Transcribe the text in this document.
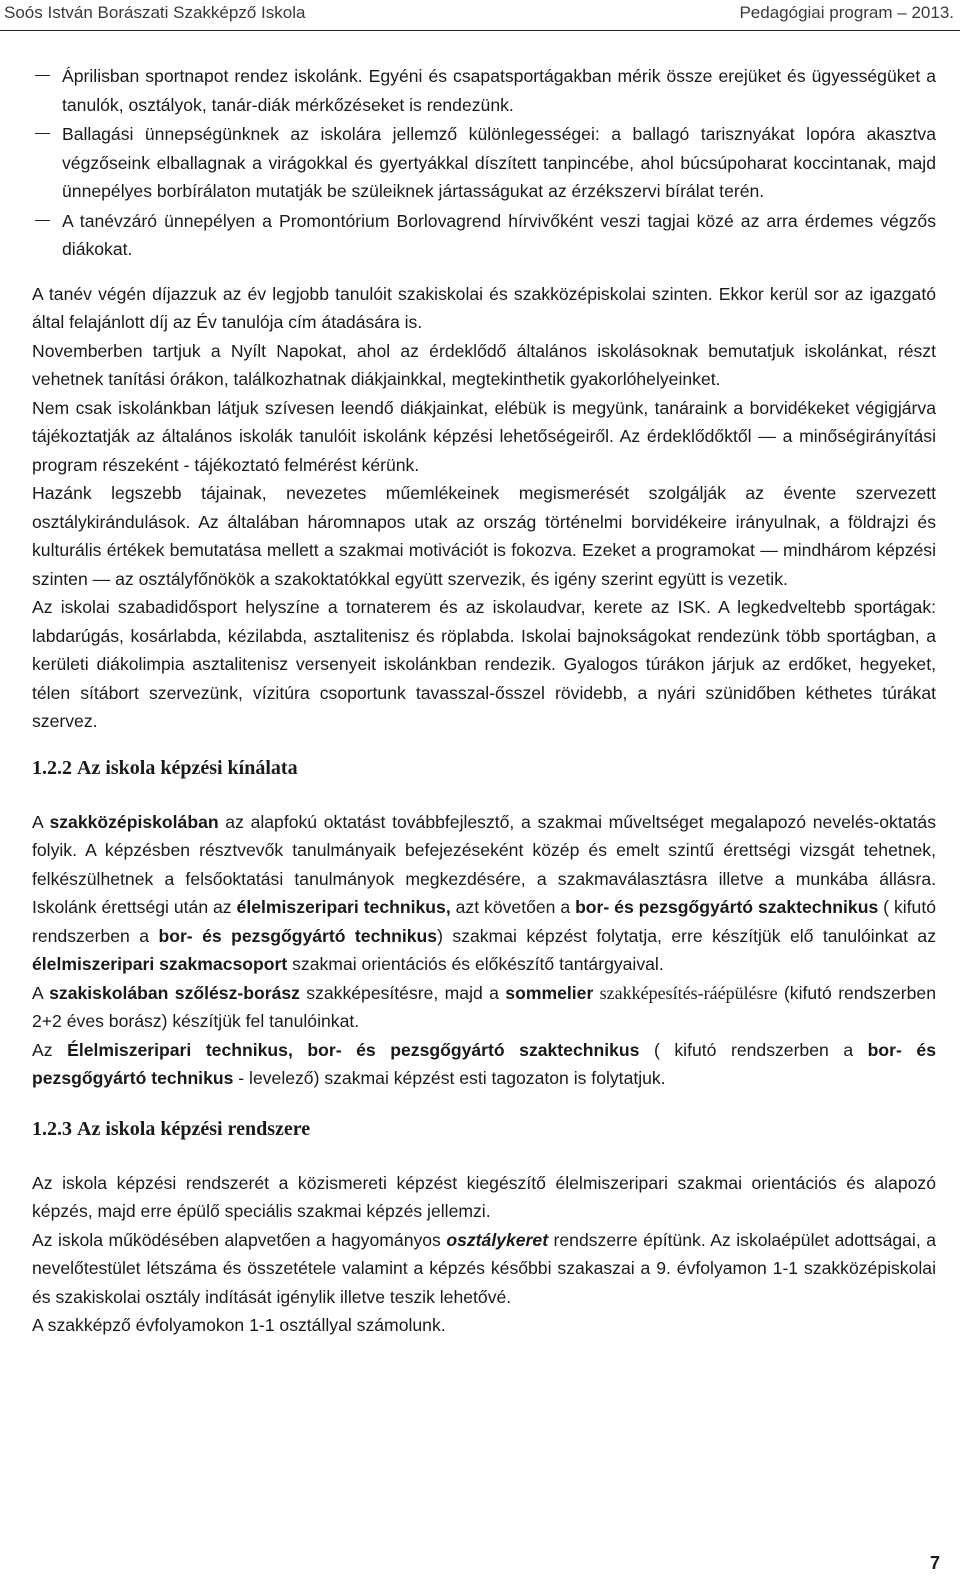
Soós István Borászati Szakképző Iskola	Pedagógiai program – 2013.

Áprilisban sportnapot rendez iskolánk. Egyéni és csapatsportágakban mérik össze erejüket és ügyességüket a tanulók, osztályok, tanár-diák mérkőzéseket is rendezünk.

Ballagási ünnepségünknek az iskolára jellemző különlegességei: a ballagó tarisznyákat lopóra akasztva végzőseink elballagnak a virágokkal és gyertyákkal díszített tanpincébe, ahol búcsúpoharat koccintanak, majd ünnepélyes borbírálaton mutatják be szüleiknek jártasságukat az érzékszervi bírálat terén.

A tanévzáró ünnepélyen a Promontórium Borlovagrend hírvivőként veszi tagjai közé az arra érdemes végzős diákokat.

A tanév végén díjazzuk az év legjobb tanulóit szakiskolai és szakközépiskolai szinten. Ekkor kerül sor az igazgató által felajánlott díj az Év tanulója cím átadására is.

Novemberben tartjuk a Nyílt Napokat, ahol az érdeklődő általános iskolásoknak bemutatjuk iskolánkat, részt vehetnek tanítási órákon, találkozhatnak diákjainkkal, megtekinthetik gyakorlóhelyeinket.

Nem csak iskolánkban látjuk szívesen leendő diákjainkat, elébük is megyünk, tanáraink a borvidékeket végigjárva tájékoztatják az általános iskolák tanulóit iskolánk képzési lehetőségeiről. Az érdeklődőktől — a minőségirányítási program részeként - tájékoztató felmérést kérünk.

Hazánk legszebb tájainak, nevezetes műemlékeinek megismerését szolgálják az évente szervezett osztálykirándulások. Az általában háromnapos utak az ország történelmi borvidékeire irányulnak, a földrajzi és kulturális értékek bemutatása mellett a szakmai motivációt is fokozva. Ezeket a programokat — mindhárom képzési szinten — az osztályfőnökök a szakoktatókkal együtt szervezik, és igény szerint együtt is vezetik.

Az iskolai szabadidősport helyszíne a tornaterem és az iskolaudvar, kerete az ISK. A legkedveltebb sportágak: labdarúgás, kosárlabda, kézilabda, asztalitenisz és röplabda. Iskolai bajnokságokat rendezünk több sportágban, a kerületi diákolimpia asztalitenisz versenyeit iskolánkban rendezik. Gyalogos túrákon járjuk az erdőket, hegyeket, télen sítábort szervezünk, vízitúra csoportunk tavasszal-ősszel rövidebb, a nyári szünidőben kéthetes túrákat szervez.

1.2.2 Az iskola képzési kínálata

A szakközépiskolában az alapfokú oktatást továbbfejlesztő, a szakmai műveltséget megalapozó nevelés-oktatás folyik. A képzésben résztvevők tanulmányaik befejezéseként közép és emelt szintű érettségi vizsgát tehetnek, felkészülhetnek a felsőoktatási tanulmányok megkezdésére, a szakmaválasztásra illetve a munkába állásra. Iskolánk érettségi után az élelmiszeripari technikus, azt követően a bor- és pezsgőgyártó szaktechnikus ( kifutó rendszerben a bor- és pezsgőgyártó technikus) szakmai képzést folytatja, erre készítjük elő tanulóinkat az élelmiszeripari szakmacsoport szakmai orientációs és előkészítő tantárgyaival.

A szakiskolában szőlész-borász szakképesítésre, majd a sommelier szakképesítés-ráépülésre (kifutó rendszerben 2+2 éves borász) készítjük fel tanulóinkat.

Az Élelmiszeripari technikus, bor- és pezsgőgyártó szaktechnikus ( kifutó rendszerben a bor- és pezsgőgyártó technikus - levelező) szakmai képzést esti tagozaton is folytatjuk.

1.2.3 Az iskola képzési rendszere

Az iskola képzési rendszerét a közismereti képzést kiegészítő élelmiszeripari szakmai orientációs és alapozó képzés, majd erre épülő speciális szakmai képzés jellemzi.

Az iskola működésében alapvetően a hagyományos osztálykeret rendszerre építünk. Az iskolaépület adottságai, a nevelőtestület létszáma és összetétele valamint a képzés későbbi szakaszai a 9. évfolyamon 1-1 szakközépiskolai és szakiskolai osztály indítását igénylik illetve teszik lehetővé.

A szakképző évfolyamokon 1-1 osztállyal számolunk.

7
